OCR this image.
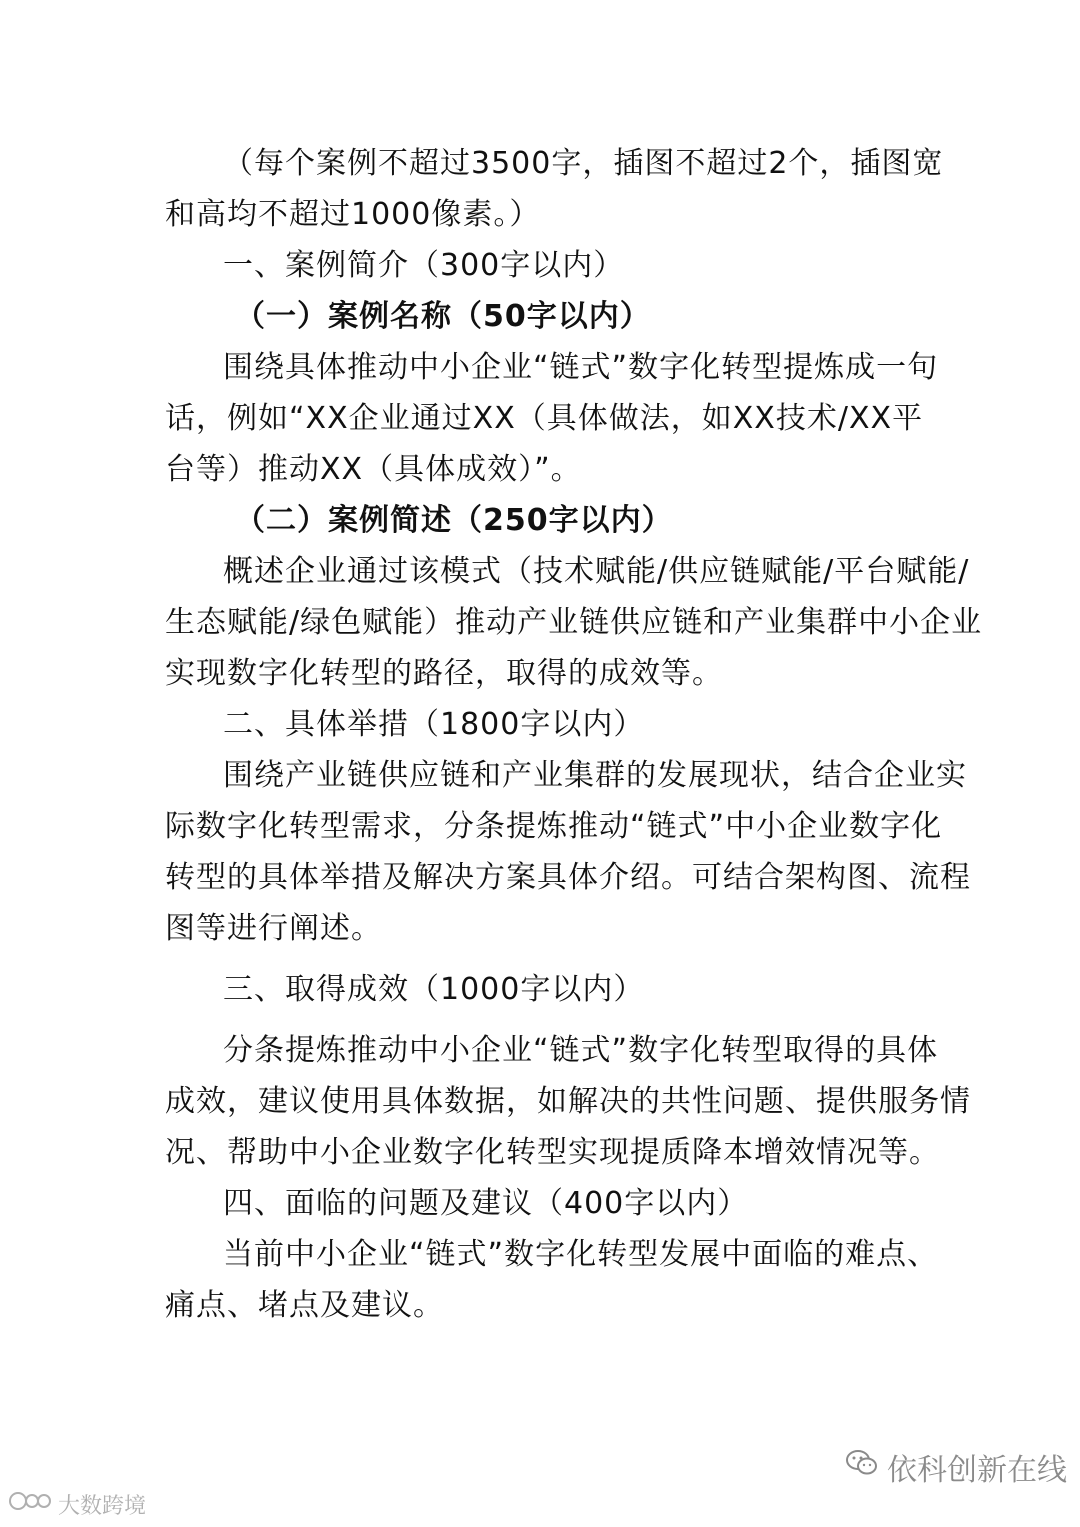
（每个案例不超过3500字，插图不超过2个，插图宽
和高均不超过1000像素。）
一、案例简介（300字以内）
（一）案例名称（50字以内）
围绕具体推动中小企业“链式”数字化转型提炼成一句
话，例如“XX企业通过XX（具体做法，如XX技术/XX平
台等）推动XX（具体成效）”。
（二）案例简述（250字以内）
概述企业通过该模式（技术赋能/供应链赋能/平台赋能/
生态赋能/绿色赋能）推动产业链供应链和产业集群中小企业
实现数字化转型的路径，取得的成效等。
二、具体举措（1800字以内）
围绕产业链供应链和产业集群的发展现状，结合企业实
际数字化转型需求，分条提炼推动“链式”中小企业数字化
转型的具体举措及解决方案具体介绍。可结合架构图、流程
图等进行阐述。
三、取得成效（1000字以内）
分条提炼推动中小企业“链式”数字化转型取得的具体
成效，建议使用具体数据，如解决的共性问题、提供服务情
况、帮助中小企业数字化转型实现提质降本增效情况等。
四、面临的问题及建议（400字以内）
当前中小企业“链式”数字化转型发展中面临的难点、
痛点、堵点及建议。
依科创新在线
大数跨境
